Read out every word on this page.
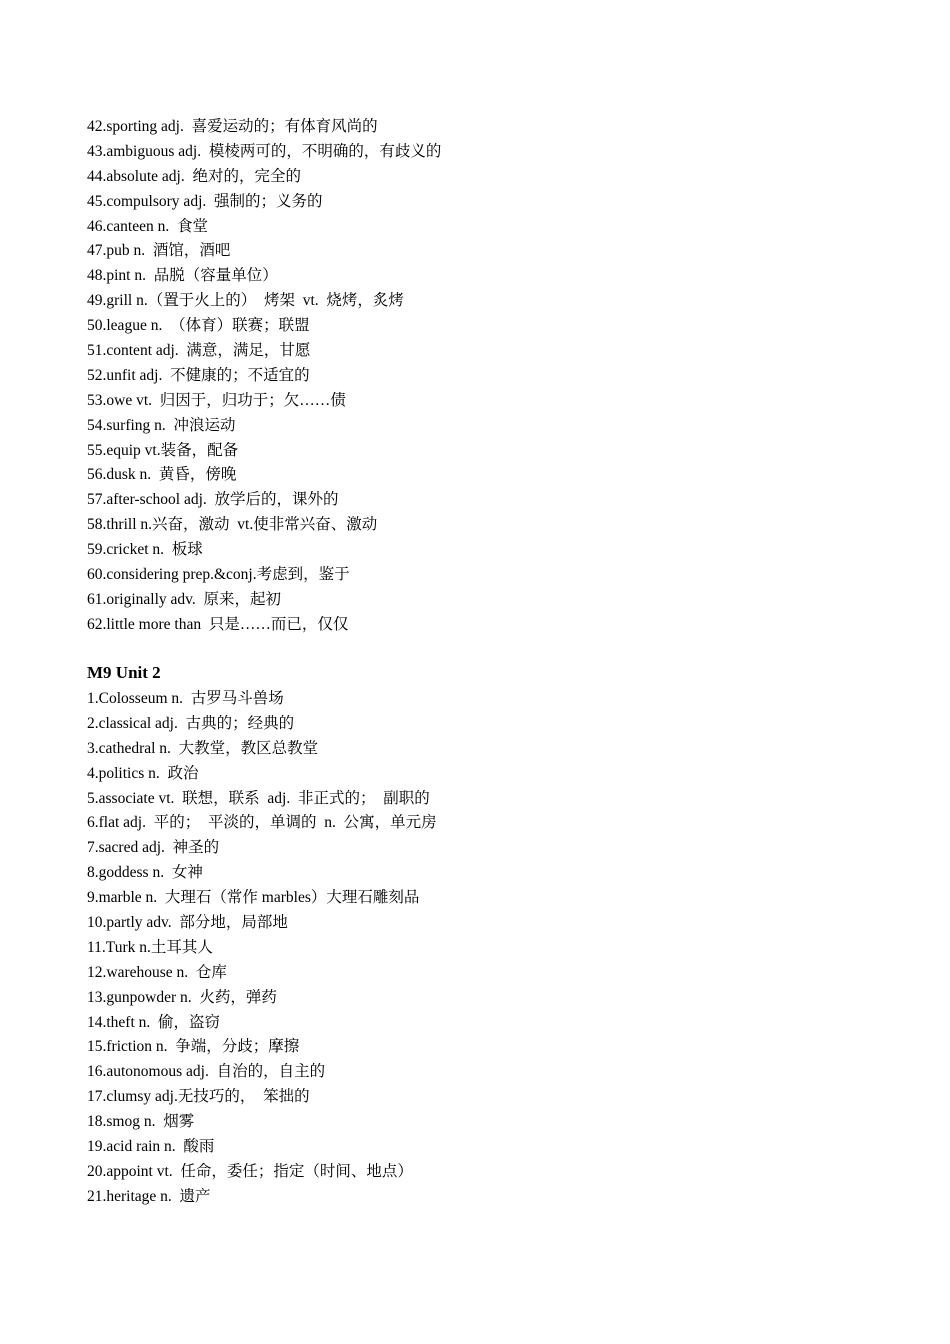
42.sporting adj.  喜爱运动的；有体育风尚的
43.ambiguous adj.  模棱两可的，不明确的，有歧义的
44.absolute adj.  绝对的，完全的
45.compulsory adj.  强制的；义务的
46.canteen n.  食堂
47.pub n.  酒馆，酒吧
48.pint n.  品脱（容量单位）
49.grill n.（置于火上的）  烤架  vt.  烧烤，炙烤
50.league n.  （体育）联赛；联盟
51.content adj.  满意，满足，甘愿
52.unfit adj.  不健康的；不适宜的
53.owe vt.  归因于，归功于；欠……债
54.surfing n.  冲浪运动
55.equip vt.装备，配备
56.dusk n.  黄昏，傍晚
57.after-school adj.  放学后的，课外的
58.thrill n.兴奋，激动  vt.使非常兴奋、激动
59.cricket n.  板球
60.considering prep.&conj.考虑到，鉴于
61.originally adv.  原来，起初
62.little more than  只是……而已，仅仅
M9 Unit 2
1.Colosseum n.  古罗马斗兽场
2.classical adj.  古典的；经典的
3.cathedral n.  大教堂，教区总教堂
4.politics n.  政治
5.associate vt.  联想，联系  adj.  非正式的；  副职的
6.flat adj.  平的；  平淡的，单调的  n.  公寓，单元房
7.sacred adj.  神圣的
8.goddess n.  女神
9.marble n.  大理石（常作 marbles）大理石雕刻品
10.partly adv.  部分地，局部地
11.Turk n.土耳其人
12.warehouse n.  仓库
13.gunpowder n.  火药，弹药
14.theft n.  偷，盗窃
15.friction n.  争端，分歧；摩擦
16.autonomous adj.  自治的，自主的
17.clumsy adj.无技巧的，  笨拙的
18.smog n.  烟雾
19.acid rain n.  酸雨
20.appoint vt.  任命，委任；指定（时间、地点）
21.heritage n.  遗产
